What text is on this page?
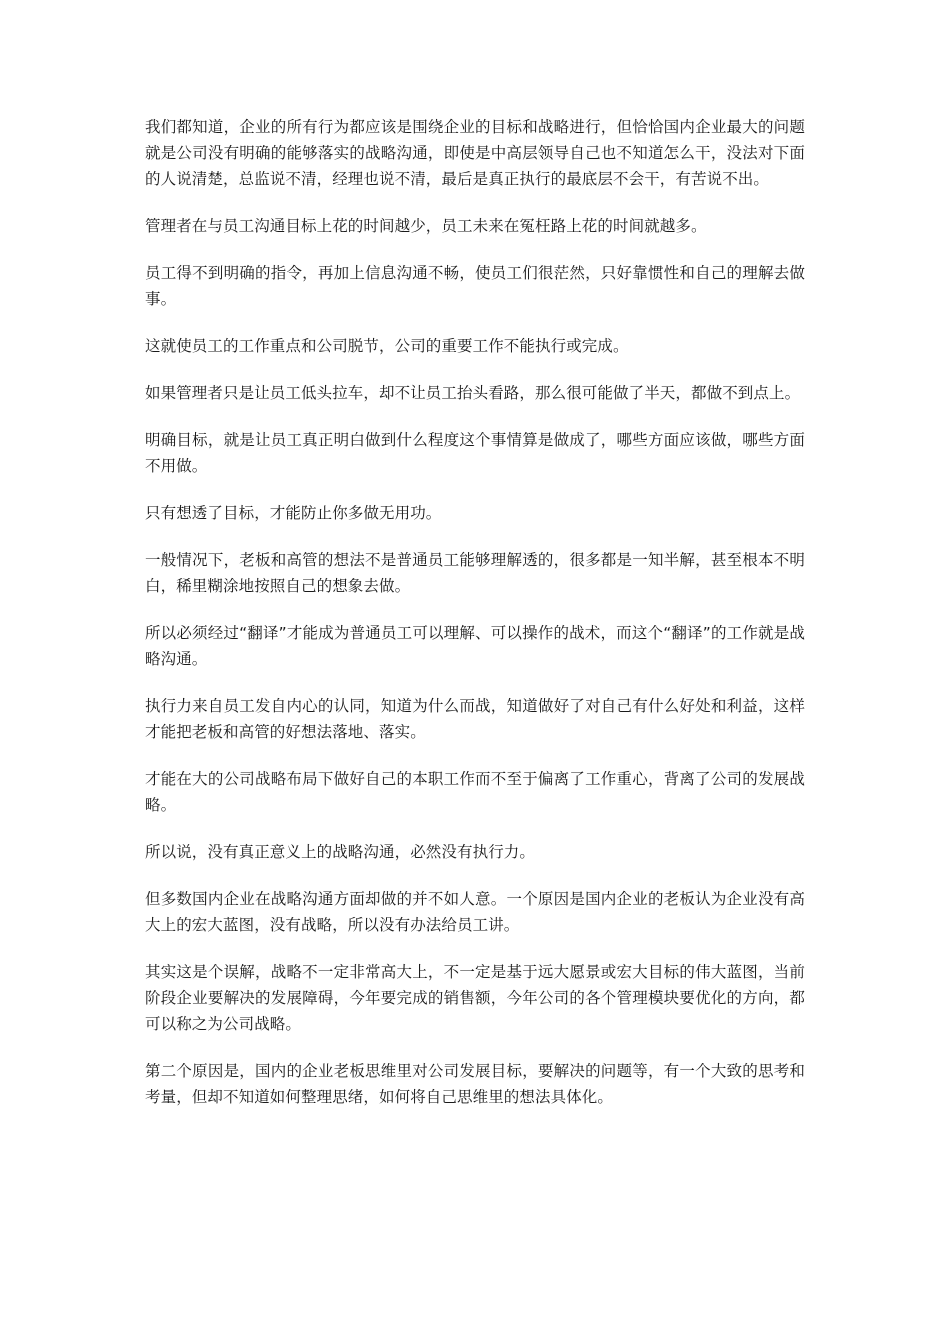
我们都知道，企业的所有行为都应该是围绕企业的目标和战略进行，但恰恰国内企业最大的问题就是公司没有明确的能够落实的战略沟通，即使是中高层领导自己也不知道怎么干，没法对下面的人说清楚，总监说不清，经理也说不清，最后是真正执行的最底层不会干，有苦说不出。

管理者在与员工沟通目标上花的时间越少，员工未来在冤枉路上花的时间就越多。

员工得不到明确的指令，再加上信息沟通不畅，使员工们很茫然，只好靠惯性和自己的理解去做事。

这就使员工的工作重点和公司脱节，公司的重要工作不能执行或完成。

如果管理者只是让员工低头拉车，却不让员工抬头看路，那么很可能做了半天，都做不到点上。

明确目标，就是让员工真正明白做到什么程度这个事情算是做成了，哪些方面应该做，哪些方面不用做。

只有想透了目标，才能防止你多做无用功。

一般情况下，老板和高管的想法不是普通员工能够理解透的，很多都是一知半解，甚至根本不明白，稀里糊涂地按照自己的想象去做。

所以必须经过“翻译”才能成为普通员工可以理解、可以操作的战术，而这个“翻译”的工作就是战略沟通。

执行力来自员工发自内心的认同，知道为什么而战，知道做好了对自己有什么好处和利益，这样才能把老板和高管的好想法落地、落实。

才能在大的公司战略布局下做好自己的本职工作而不至于偏离了工作重心，背离了公司的发展战略。

所以说，没有真正意义上的战略沟通，必然没有执行力。

但多数国内企业在战略沟通方面却做的并不如人意。一个原因是国内企业的老板认为企业没有高大上的宏大蓝图，没有战略，所以没有办法给员工讲。

其实这是个误解，战略不一定非常高大上，不一定是基于远大愿景或宏大目标的伟大蓝图，当前阶段企业要解决的发展障碍，今年要完成的销售额，今年公司的各个管理模块要优化的方向，都可以称之为公司战略。

第二个原因是，国内的企业老板思维里对公司发展目标，要解决的问题等，有一个大致的思考和考量，但却不知道如何整理思绪，如何将自己思维里的想法具体化。
